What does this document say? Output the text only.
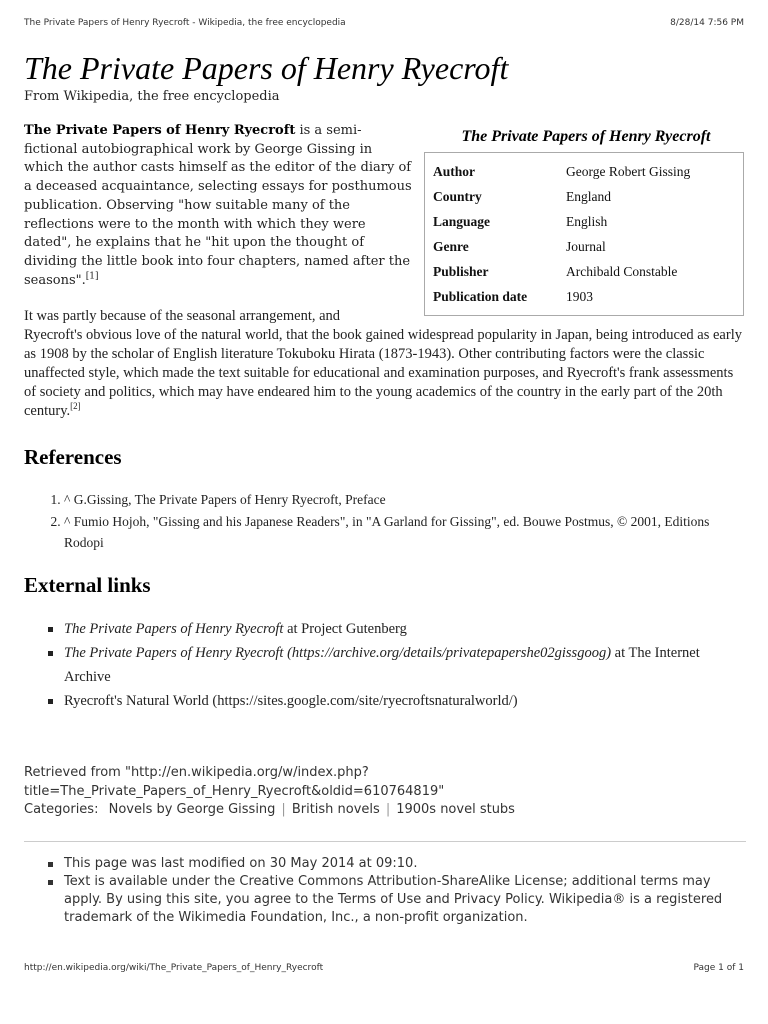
The Private Papers of Henry Ryecroft - Wikipedia, the free encyclopedia	8/28/14 7:56 PM
The Private Papers of Henry Ryecroft
From Wikipedia, the free encyclopedia

The Private Papers of Henry Ryecroft is a semi-fictional autobiographical work by George Gissing in which the author casts himself as the editor of the diary of a deceased acquaintance, selecting essays for posthumous publication. Observing "how suitable many of the reflections were to the month with which they were dated", he explains that he "hit upon the thought of dividing the little book into four chapters, named after the seasons".[1]

The Private Papers of Henry Ryecroft
Author	George Robert Gissing
Country	England
Language	English
Genre	Journal
Publisher	Archibald Constable
Publication date	1903

It was partly because of the seasonal arrangement, and
Ryecroft's obvious love of the natural world, that the book gained widespread popularity in Japan, being introduced as early as 1908 by the scholar of English literature Tokuboku Hirata (1873-1943). Other contributing factors were the classic unaffected style, which made the text suitable for educational and examination purposes, and Ryecroft's frank assessments of society and politics, which may have endeared him to the young academics of the country in the early part of the 20th century.[2]

References
1. ^ G.Gissing, The Private Papers of Henry Ryecroft, Preface
2. ^ Fumio Hojoh, "Gissing and his Japanese Readers", in "A Garland for Gissing", ed. Bouwe Postmus, © 2001, Editions Rodopi
External links
The Private Papers of Henry Ryecroft at Project Gutenberg
The Private Papers of Henry Ryecroft (https://archive.org/details/privatepapershe02gissgoog) at The Internet Archive
Ryecroft's Natural World (https://sites.google.com/site/ryecroftsnaturalworld/)
Retrieved from "http://en.wikipedia.org/w/index.php?title=The_Private_Papers_of_Henry_Ryecroft&oldid=610764819"
Categories: Novels by George Gissing | British novels | 1900s novel stubs
This page was last modified on 30 May 2014 at 09:10.
Text is available under the Creative Commons Attribution-ShareAlike License; additional terms may apply. By using this site, you agree to the Terms of Use and Privacy Policy. Wikipedia® is a registered trademark of the Wikimedia Foundation, Inc., a non-profit organization.
http://en.wikipedia.org/wiki/The_Private_Papers_of_Henry_Ryecroft	Page 1 of 1
